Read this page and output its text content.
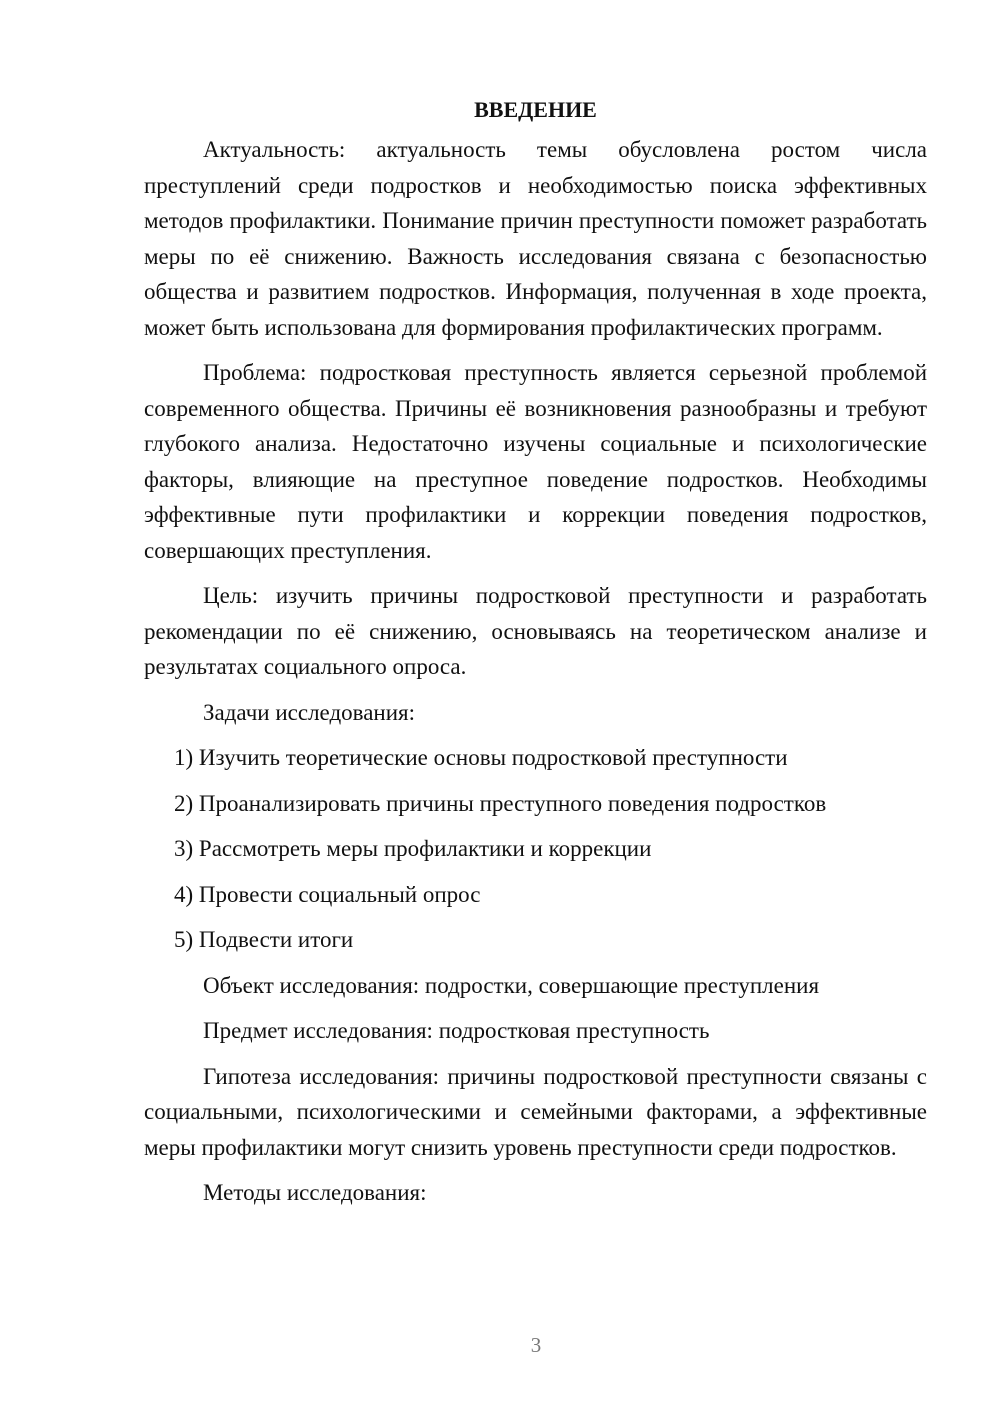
ВВЕДЕНИЕ

Актуальность: актуальность темы обусловлена ростом числа преступлений среди подростков и необходимостью поиска эффективных методов профилактики. Понимание причин преступности поможет разработать меры по её снижению. Важность исследования связана с безопасностью общества и развитием подростков. Информация, полученная в ходе проекта, может быть использована для формирования профилактических программ.

Проблема: подростковая преступность является серьезной проблемой современного общества. Причины её возникновения разнообразны и требуют глубокого анализа. Недостаточно изучены социальные и психологические факторы, влияющие на преступное поведение подростков. Необходимы эффективные пути профилактики и коррекции поведения подростков, совершающих преступления.

Цель: изучить причины подростковой преступности и разработать рекомендации по её снижению, основываясь на теоретическом анализе и результатах социального опроса.

Задачи исследования:

1) Изучить теоретические основы подростковой преступности
2) Проанализировать причины преступного поведения подростков
3) Рассмотреть меры профилактики и коррекции
4) Провести социальный опрос
5) Подвести итоги

Объект исследования: подростки, совершающие преступления

Предмет исследования: подростковая преступность

Гипотеза исследования: причины подростковой преступности связаны с социальными, психологическими и семейными факторами, а эффективные меры профилактики могут снизить уровень преступности среди подростков.

Методы исследования:

3
